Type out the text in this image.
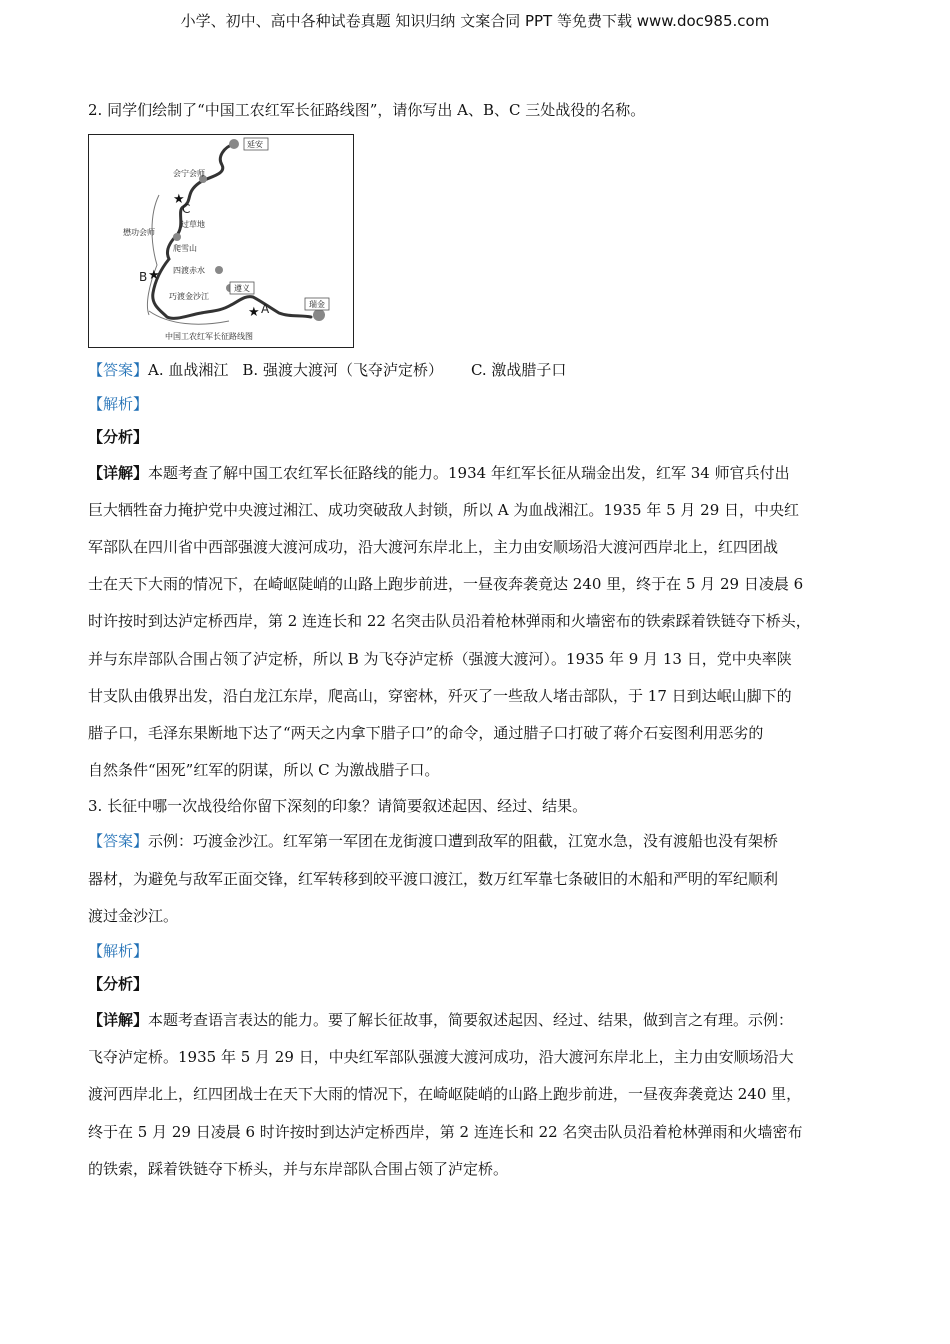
小学、初中、高中各种试卷真题 知识归纳 文案合同 PPT 等免费下载 www.doc985.com

2. 同学们绘制了“中国工农红军长征路线图”，请你写出 A、B、C 三处战役的名称。

★
★
★
延安
会宁会师
过草地
懋功会师
爬雪山
四渡赤水
遵义
巧渡金沙江
瑞金
C
B
A
中国工农红军长征路线图

【答案】A. 血战湘江 B. 强渡大渡河（飞夺泸定桥） C. 激战腊子口

【解析】

【分析】

【详解】本题考查了解中国工农红军长征路线的能力。1934 年红军长征从瑞金出发，红军 34 师官兵付出

巨大牺牲奋力掩护党中央渡过湘江、成功突破敌人封锁，所以 A 为血战湘江。1935 年 5 月 29 日，中央红

军部队在四川省中西部强渡大渡河成功，沿大渡河东岸北上，主力由安顺场沿大渡河西岸北上，红四团战

士在天下大雨的情况下，在崎岖陡峭的山路上跑步前进，一昼夜奔袭竟达 240 里，终于在 5 月 29 日凌晨 6

时许按时到达泸定桥西岸，第 2 连连长和 22 名突击队员沿着枪林弹雨和火墙密布的铁索踩着铁链夺下桥头，

并与东岸部队合围占领了泸定桥，所以 B 为飞夺泸定桥（强渡大渡河）。1935 年 9 月 13 日，党中央率陕

甘支队由俄界出发，沿白龙江东岸，爬高山，穿密林，歼灭了一些敌人堵击部队，于 17 日到达岷山脚下的

腊子口，毛泽东果断地下达了“两天之内拿下腊子口”的命令，通过腊子口打破了蒋介石妄图利用恶劣的

自然条件“困死”红军的阴谋，所以 C 为激战腊子口。

3. 长征中哪一次战役给你留下深刻的印象？请简要叙述起因、经过、结果。

【答案】示例：巧渡金沙江。红军第一军团在龙街渡口遭到敌军的阻截，江宽水急，没有渡船也没有架桥

器材，为避免与敌军正面交锋，红军转移到皎平渡口渡江，数万红军靠七条破旧的木船和严明的军纪顺利

渡过金沙江。

【解析】

【分析】

【详解】本题考查语言表达的能力。要了解长征故事，简要叙述起因、经过、结果，做到言之有理。示例：

飞夺泸定桥。1935 年 5 月 29 日，中央红军部队强渡大渡河成功，沿大渡河东岸北上，主力由安顺场沿大

渡河西岸北上，红四团战士在天下大雨的情况下，在崎岖陡峭的山路上跑步前进，一昼夜奔袭竟达 240 里，

终于在 5 月 29 日凌晨 6 时许按时到达泸定桥西岸，第 2 连连长和 22 名突击队员沿着枪林弹雨和火墙密布

的铁索，踩着铁链夺下桥头，并与东岸部队合围占领了泸定桥。
